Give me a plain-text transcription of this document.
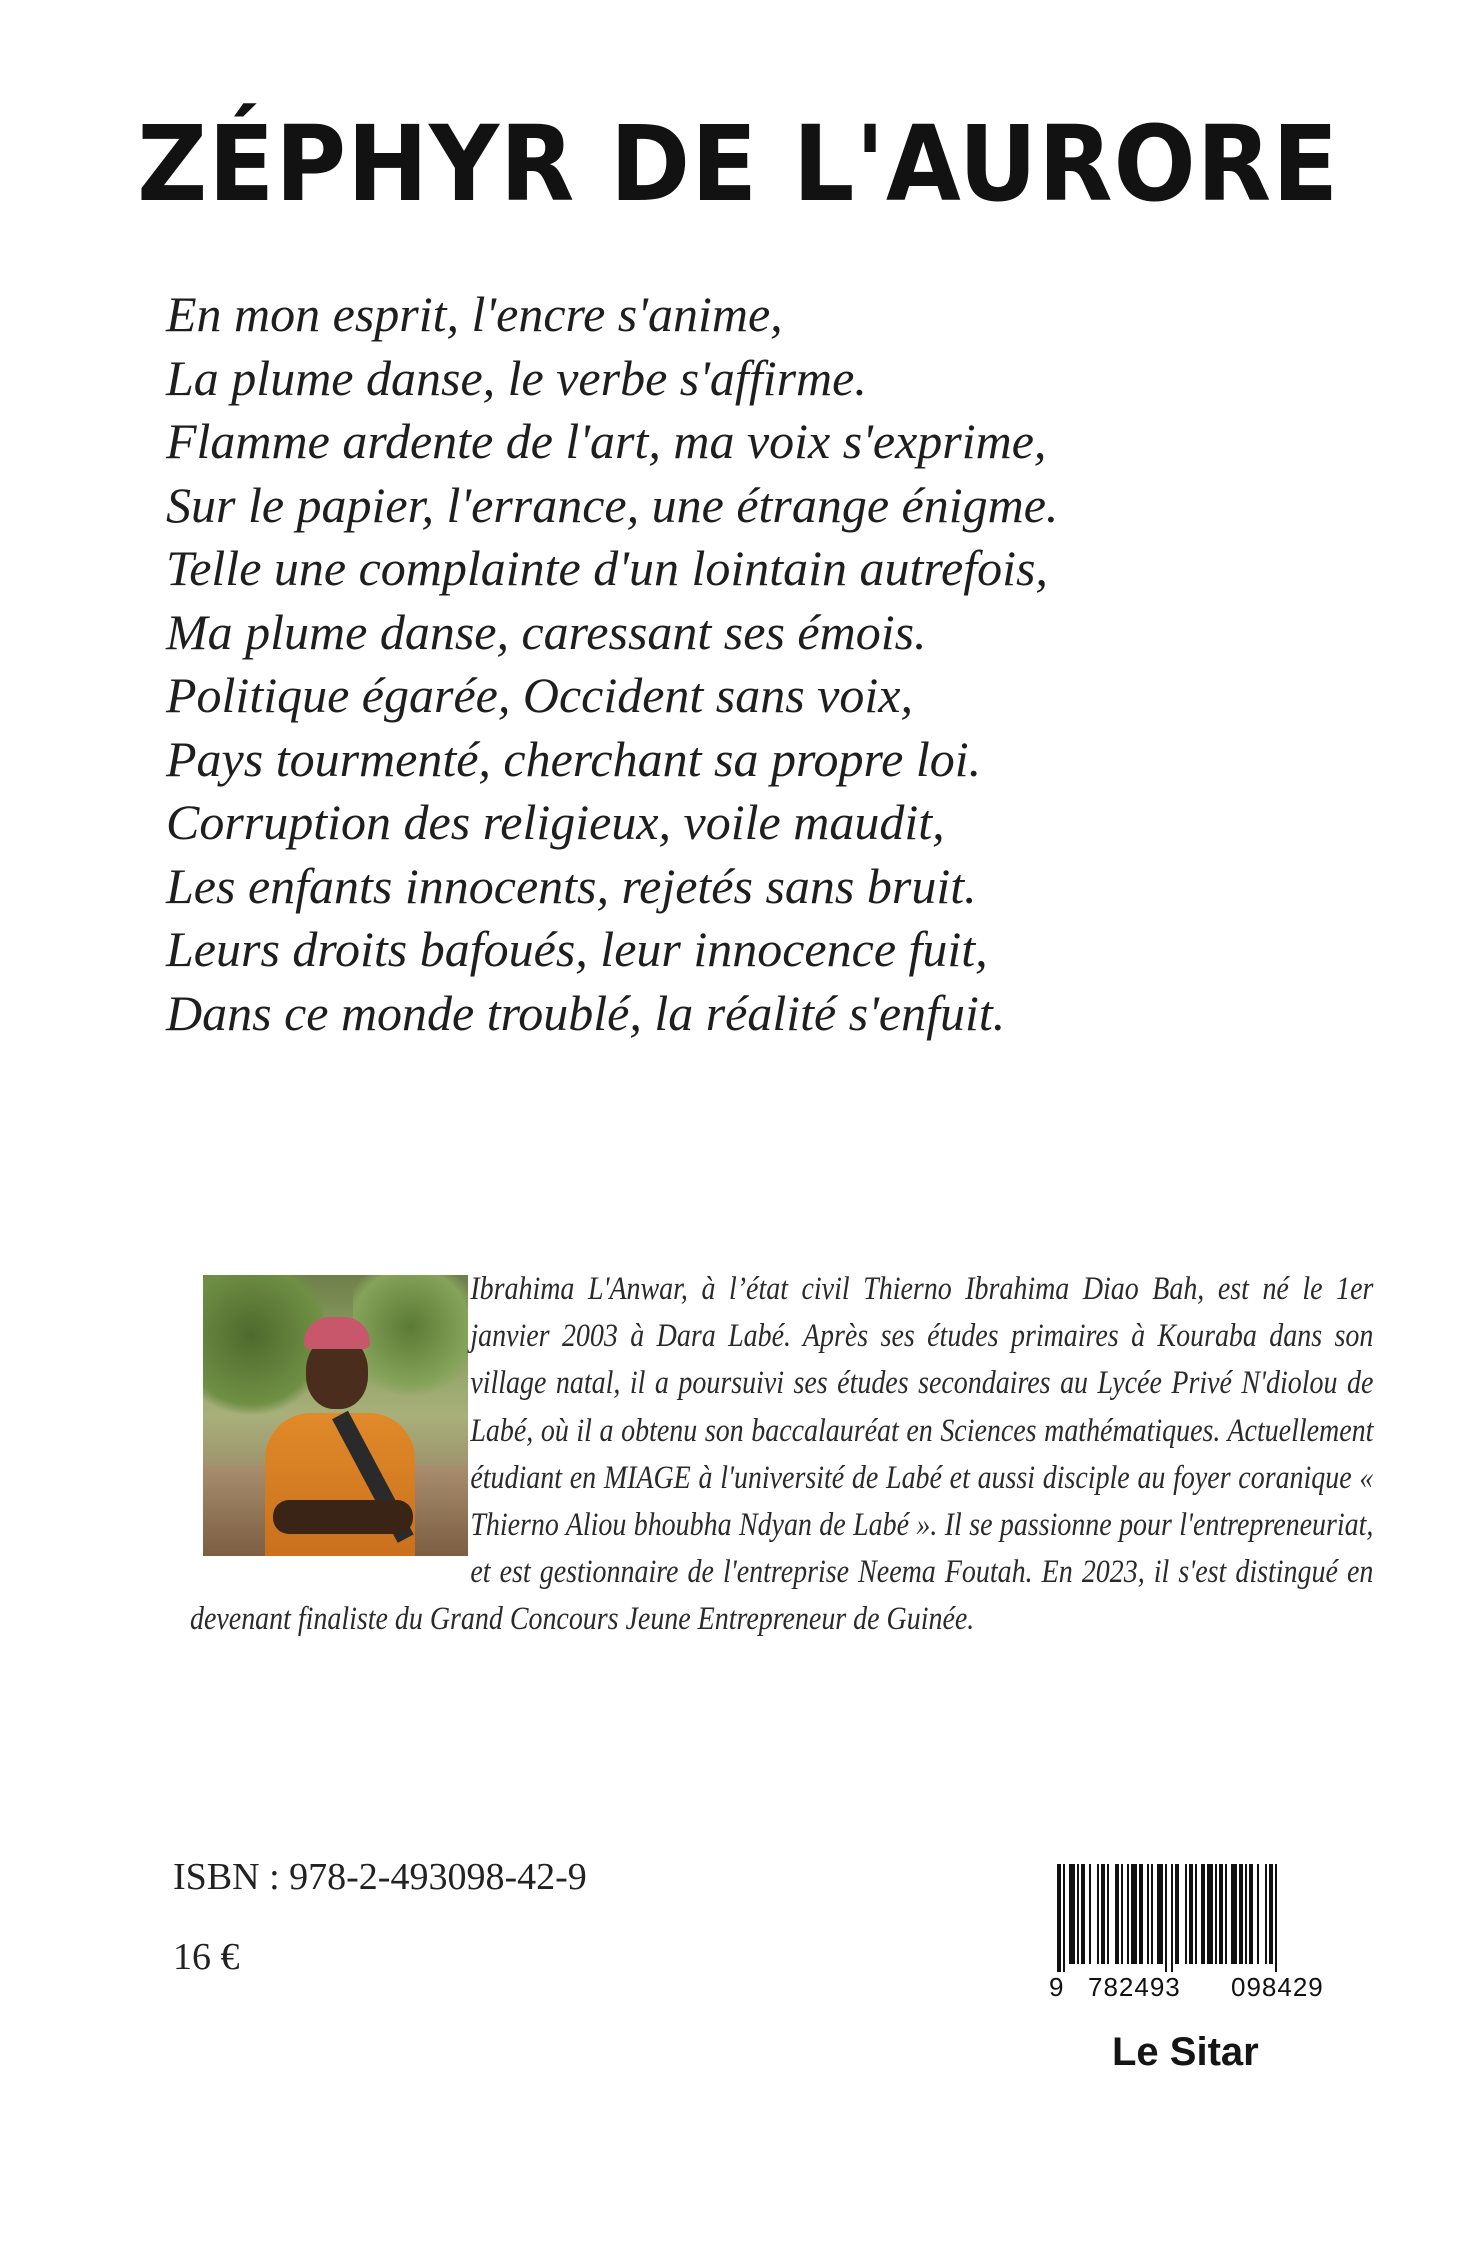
ZÉPHYR DE L'AURORE
En mon esprit, l'encre s'anime,
La plume danse, le verbe s'affirme.
Flamme ardente de l'art, ma voix s'exprime,
Sur le papier, l'errance, une étrange énigme.
Telle une complainte d'un lointain autrefois,
Ma plume danse, caressant ses émois.
Politique égarée, Occident sans voix,
Pays tourmenté, cherchant sa propre loi.
Corruption des religieux, voile maudit,
Les enfants innocents, rejetés sans bruit.
Leurs droits bafoués, leur innocence fuit,
Dans ce monde troublé, la réalité s'enfuit.
Ibrahima L'Anwar, à l’état civil Thierno Ibrahima Diao Bah, est né le 1er janvier 2003 à Dara Labé. Après ses études primaires à Kouraba dans son village natal, il a poursuivi ses études secondaires au Lycée Privé N'diolou de Labé, où il a obtenu son baccalauréat en Sciences mathématiques. Actuellement étudiant en MIAGE à l'université de Labé et aussi disciple au foyer coranique « Thierno Aliou bhoubha Ndyan de Labé ». Il se passionne pour l'entrepreneuriat, et est gestionnaire de l'entreprise Neema Foutah. En 2023, il s'est distingué en devenant finaliste du Grand Concours Jeune Entrepreneur de Guinée.
ISBN : 978-2-493098-42-9
16 €
9 782493 098429
Le Sitar
